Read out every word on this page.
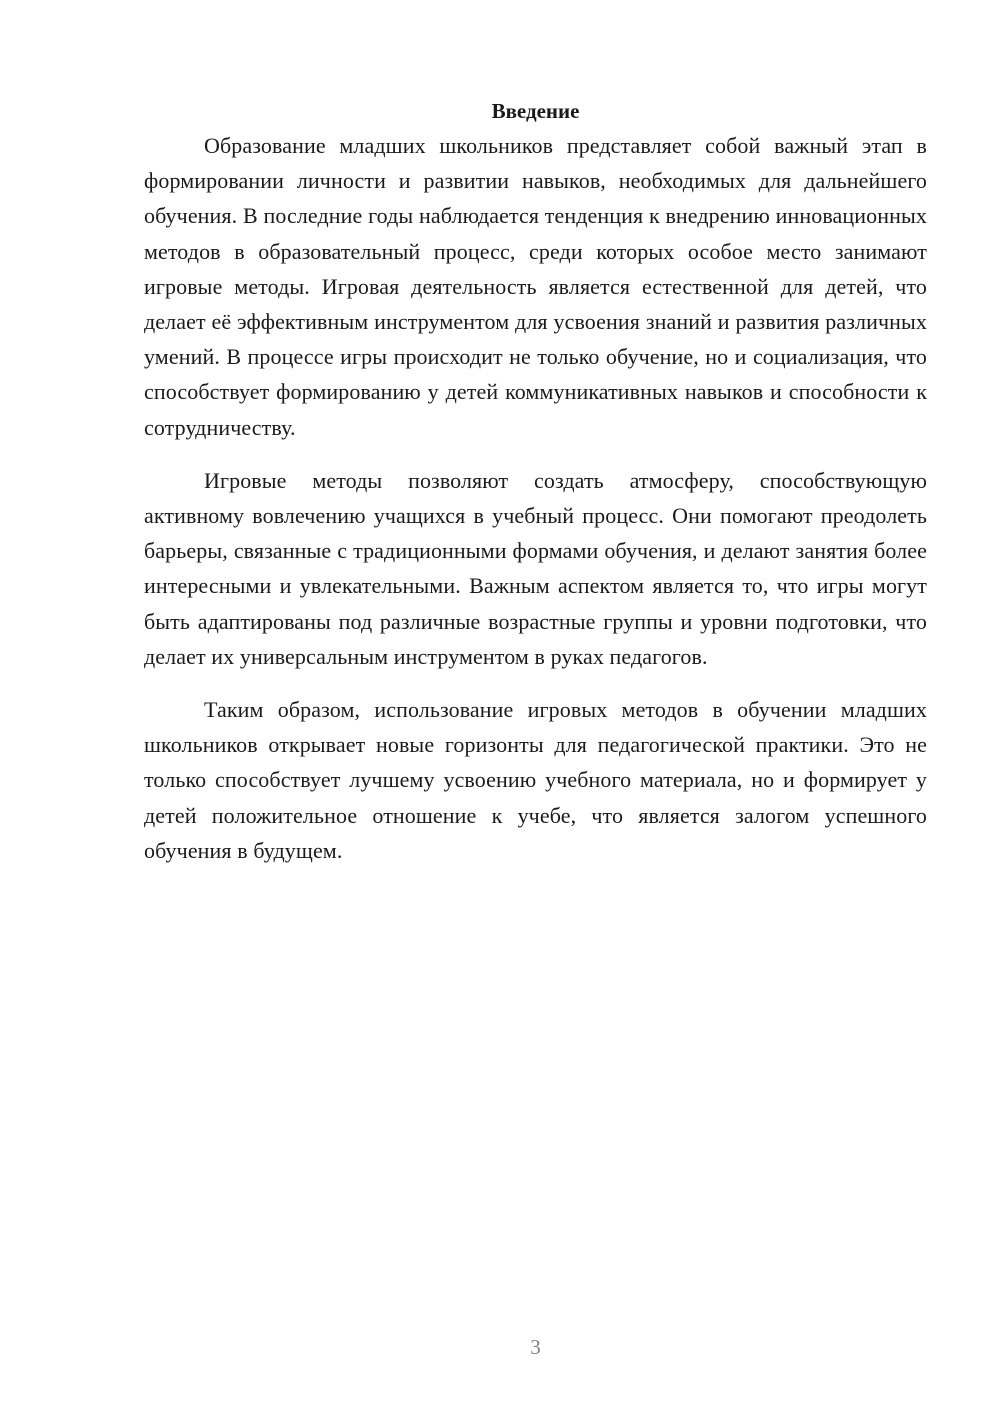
Введение

Образование младших школьников представляет собой важный этап в формировании личности и развитии навыков, необходимых для дальнейшего обучения. В последние годы наблюдается тенденция к внедрению инновационных методов в образовательный процесс, среди которых особое место занимают игровые методы. Игровая деятельность является естественной для детей, что делает её эффективным инструментом для усвоения знаний и развития различных умений. В процессе игры происходит не только обучение, но и социализация, что способствует формированию у детей коммуникативных навыков и способности к сотрудничеству.

Игровые методы позволяют создать атмосферу, способствующую активному вовлечению учащихся в учебный процесс. Они помогают преодолеть барьеры, связанные с традиционными формами обучения, и делают занятия более интересными и увлекательными. Важным аспектом является то, что игры могут быть адаптированы под различные возрастные группы и уровни подготовки, что делает их универсальным инструментом в руках педагогов.

Таким образом, использование игровых методов в обучении младших школьников открывает новые горизонты для педагогической практики. Это не только способствует лучшему усвоению учебного материала, но и формирует у детей положительное отношение к учебе, что является залогом успешного обучения в будущем.

3
